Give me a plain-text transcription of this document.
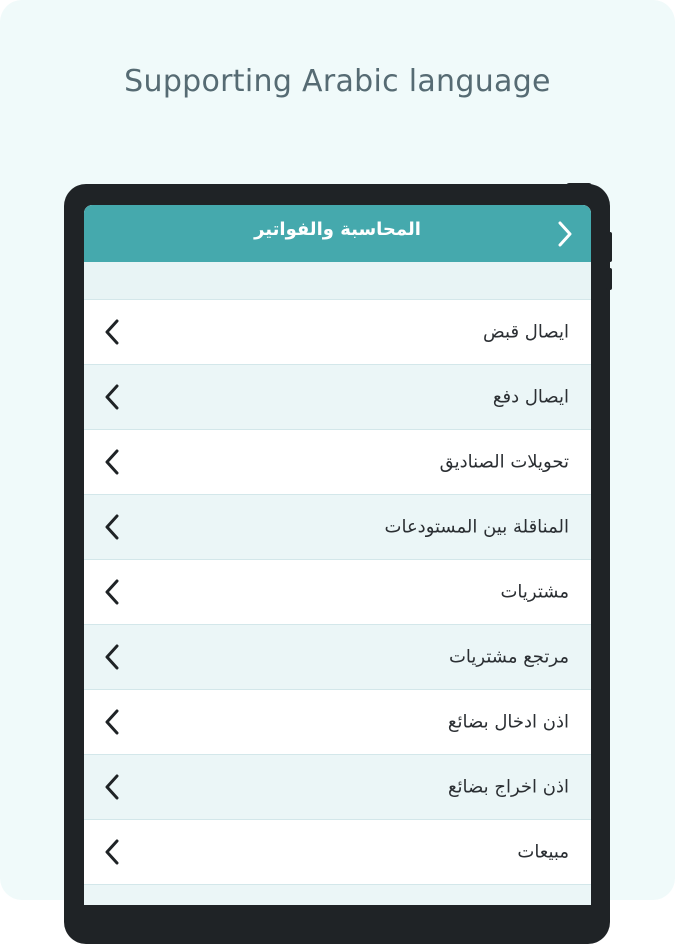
Supporting Arabic language
المحاسبة والفواتير
ايصال قبض
ايصال دفع
تحويلات الصناديق
المناقلة بين المستودعات
مشتريات
مرتجع مشتريات
اذن ادخال بضائع
اذن اخراج بضائع
مبيعات
